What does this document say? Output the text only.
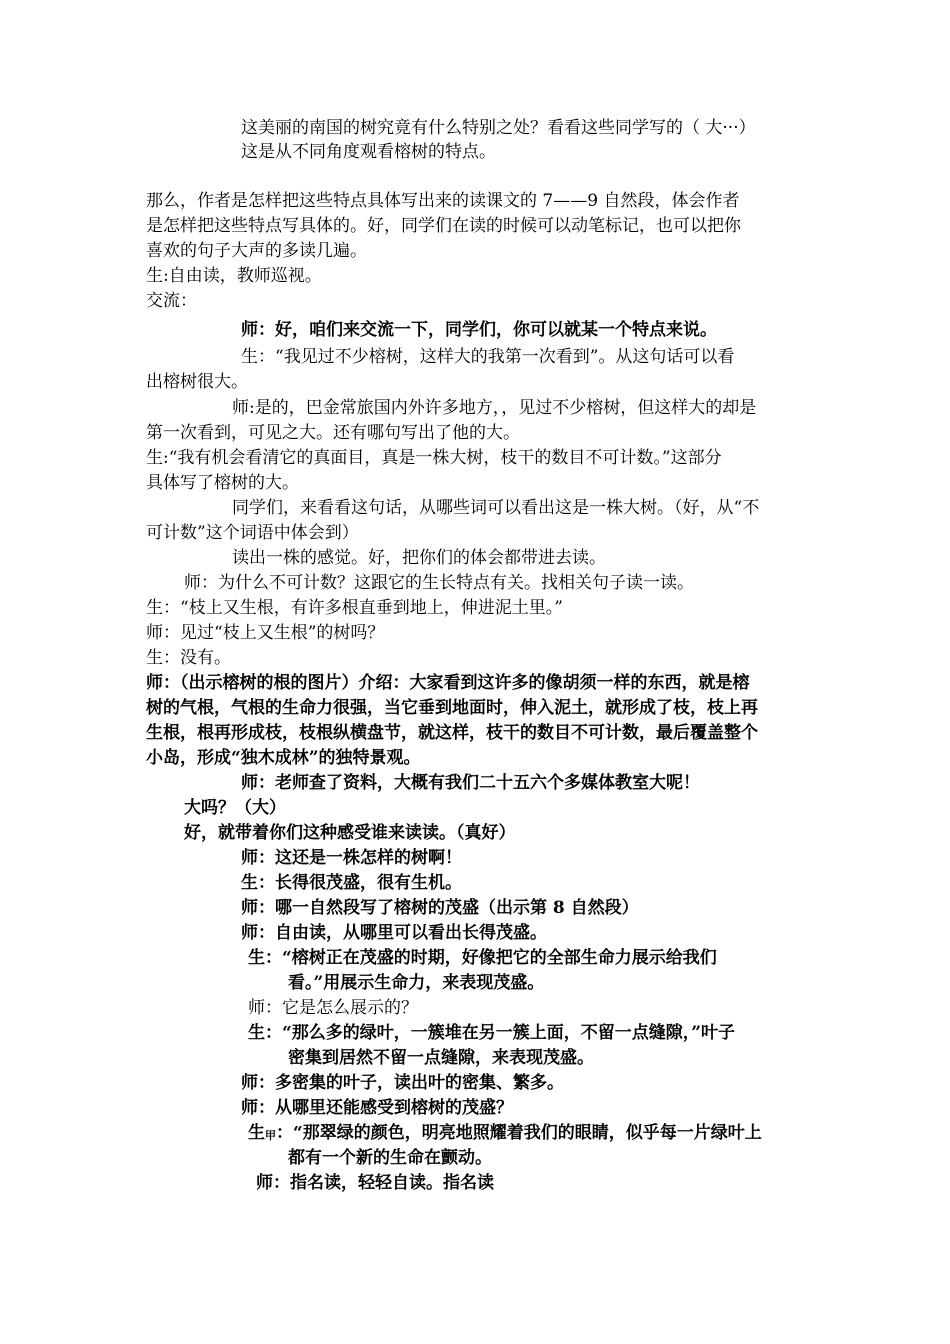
这美丽的南国的树究竟有什么特别之处？看看这些同学写的（ 大···）
这是从不同角度观看榕树的特点。
那么，作者是怎样把这些特点具体写出来的读课文的 7——9 自然段，体会作者
是怎样把这些特点写具体的。好，同学们在读的时候可以动笔标记，也可以把你
喜欢的句子大声的多读几遍。
生:自由读，教师巡视。
交流：
师：好，咱们来交流一下，同学们，你可以就某一个特点来说。
生：“我见过不少榕树，这样大的我第一次看到”。从这句话可以看
出榕树很大。
师:是的，巴金常旅国内外许多地方，，见过不少榕树，但这样大的却是
第一次看到，可见之大。还有哪句写出了他的大。
生:“我有机会看清它的真面目，真是一株大树，枝干的数目不可计数。”这部分
具体写了榕树的大。
同学们，来看看这句话，从哪些词可以看出这是一株大树。（好，从“不
可计数”这个词语中体会到）
读出一株的感觉。好，把你们的体会都带进去读。
师：为什么不可计数？这跟它的生长特点有关。找相关句子读一读。
生：“枝上又生根，有许多根直垂到地上，伸进泥土里。”
师：见过“枝上又生根”的树吗？
生：没有。
师：（出示榕树的根的图片）介绍：大家看到这许多的像胡须一样的东西，就是榕
树的气根，气根的生命力很强，当它垂到地面时，伸入泥土，就形成了枝，枝上再
生根，根再形成枝，枝根纵横盘节，就这样，枝干的数目不可计数，最后覆盖整个
小岛，形成“独木成林”的独特景观。
师：老师查了资料，大概有我们二十五六个多媒体教室大呢！
大吗？（大）
好，就带着你们这种感受谁来读读。（真好）
师：这还是一株怎样的树啊！
生：长得很茂盛，很有生机。
师：哪一自然段写了榕树的茂盛（出示第 8 自然段）
师：自由读，从哪里可以看出长得茂盛。
生：“榕树正在茂盛的时期，好像把它的全部生命力展示给我们
看。”用展示生命力，来表现茂盛。
师：它是怎么展示的？
生：“那么多的绿叶，一簇堆在另一簇上面，不留一点缝隙，”叶子
密集到居然不留一点缝隙，来表现茂盛。
师：多密集的叶子，读出叶的密集、繁多。
师：从哪里还能感受到榕树的茂盛？
生甲：“那翠绿的颜色，明亮地照耀着我们的眼睛，似乎每一片绿叶上
都有一个新的生命在颤动。
师：指名读，轻轻自读。指名读
